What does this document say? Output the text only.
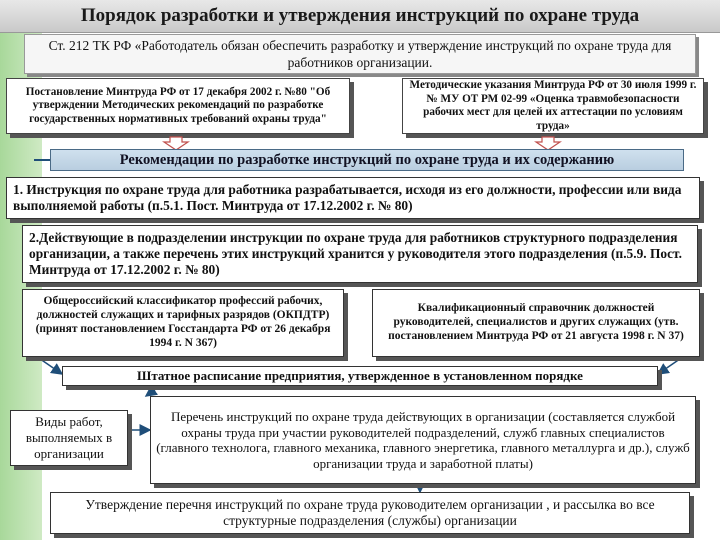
Порядок разработки и утверждения инструкций по охране труда
Ст. 212 ТК РФ «Работодатель обязан обеспечить разработку и утверждение инструкций по охране труда для работников организации.
Постановление Минтруда РФ от 17 декабря 2002 г. №80 "Об утверждении Методических рекомендаций по разработке государственных нормативных требований охраны труда"
Методические указания Минтруда РФ от 30 июля 1999 г. № МУ ОТ РМ 02-99 «Оценка травмобезопасности рабочих мест для целей их аттестации по условиям труда»
Рекомендации по разработке инструкций по охране труда и их содержанию
1. Инструкция по охране труда для работника разрабатывается, исходя из его должности, профессии или вида выполняемой работы (п.5.1. Пост. Минтруда от 17.12.2002 г. № 80)
2.Действующие в подразделении инструкции по охране труда для работников структурного подразделения организации, а также перечень этих инструкций хранится у руководителя этого подразделения (п.5.9. Пост. Минтруда от 17.12.2002 г. № 80)
Общероссийский классификатор профессий рабочих, должностей служащих и тарифных разрядов (ОКПДТР) (принят постановлением Госстандарта РФ от 26 декабря 1994 г. N 367)
Квалификационный справочник должностей руководителей, специалистов и других служащих (утв. постановлением Минтруда РФ от 21 августа 1998 г. N 37)
Штатное расписание предприятия, утвержденное в установленном порядке
Виды работ, выполняемых в организации
Перечень инструкций по охране труда действующих в организации (составляется службой охраны труда при участии руководителей подразделений, служб главных специалистов (главного технолога, главного механика, главного энергетика, главного металлурга и др.), служб организации труда и заработной платы)
Утверждение перечня инструкций по охране труда руководителем организации , и рассылка во все структурные подразделения (службы) организации
